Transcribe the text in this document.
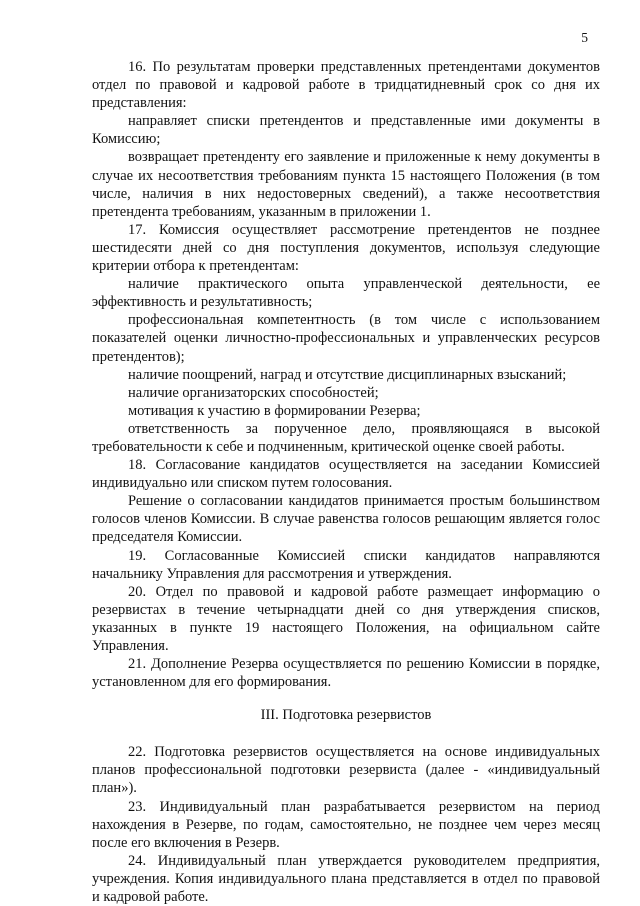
5

16. По результатам проверки представленных претендентами документов отдел по правовой и кадровой работе в тридцатидневный срок со дня их представления:

направляет списки претендентов и представленные ими документы в Комиссию;

возвращает претенденту его заявление и приложенные к нему документы в случае их несоответствия требованиям пункта 15 настоящего Положения (в том числе, наличия в них недостоверных сведений), а также несоответствия претендента требованиям, указанным в приложении 1.

17. Комиссия осуществляет рассмотрение претендентов не позднее шестидесяти дней со дня поступления документов, используя следующие критерии отбора к претендентам:

наличие практического опыта управленческой деятельности, ее эффективность и результативность;

профессиональная компетентность (в том числе с использованием показателей оценки личностно-профессиональных и управленческих ресурсов претендентов);

наличие поощрений, наград и отсутствие дисциплинарных взысканий;

наличие организаторских способностей;

мотивация к участию в формировании Резерва;

ответственность за порученное дело, проявляющаяся в высокой требовательности к себе и подчиненным, критической оценке своей работы.

18. Согласование кандидатов осуществляется на заседании Комиссией индивидуально или списком путем голосования.

Решение о согласовании кандидатов принимается простым большинством голосов членов Комиссии. В случае равенства голосов решающим является голос председателя Комиссии.

19. Согласованные Комиссией списки кандидатов направляются начальнику Управления для рассмотрения и утверждения.

20. Отдел по правовой и кадровой работе размещает информацию о резервистах в течение четырнадцати дней со дня утверждения списков, указанных в пункте 19 настоящего Положения, на официальном сайте Управления.

21. Дополнение Резерва осуществляется по решению Комиссии в порядке, установленном для его формирования.

III. Подготовка резервистов

22. Подготовка резервистов осуществляется на основе индивидуальных планов профессиональной подготовки резервиста (далее - «индивидуальный план»).

23. Индивидуальный план разрабатывается резервистом на период нахождения в Резерве, по годам, самостоятельно, не позднее чем через месяц после его включения в Резерв.

24. Индивидуальный план утверждается руководителем предприятия, учреждения. Копия индивидуального плана представляется в отдел по правовой и кадровой работе.
